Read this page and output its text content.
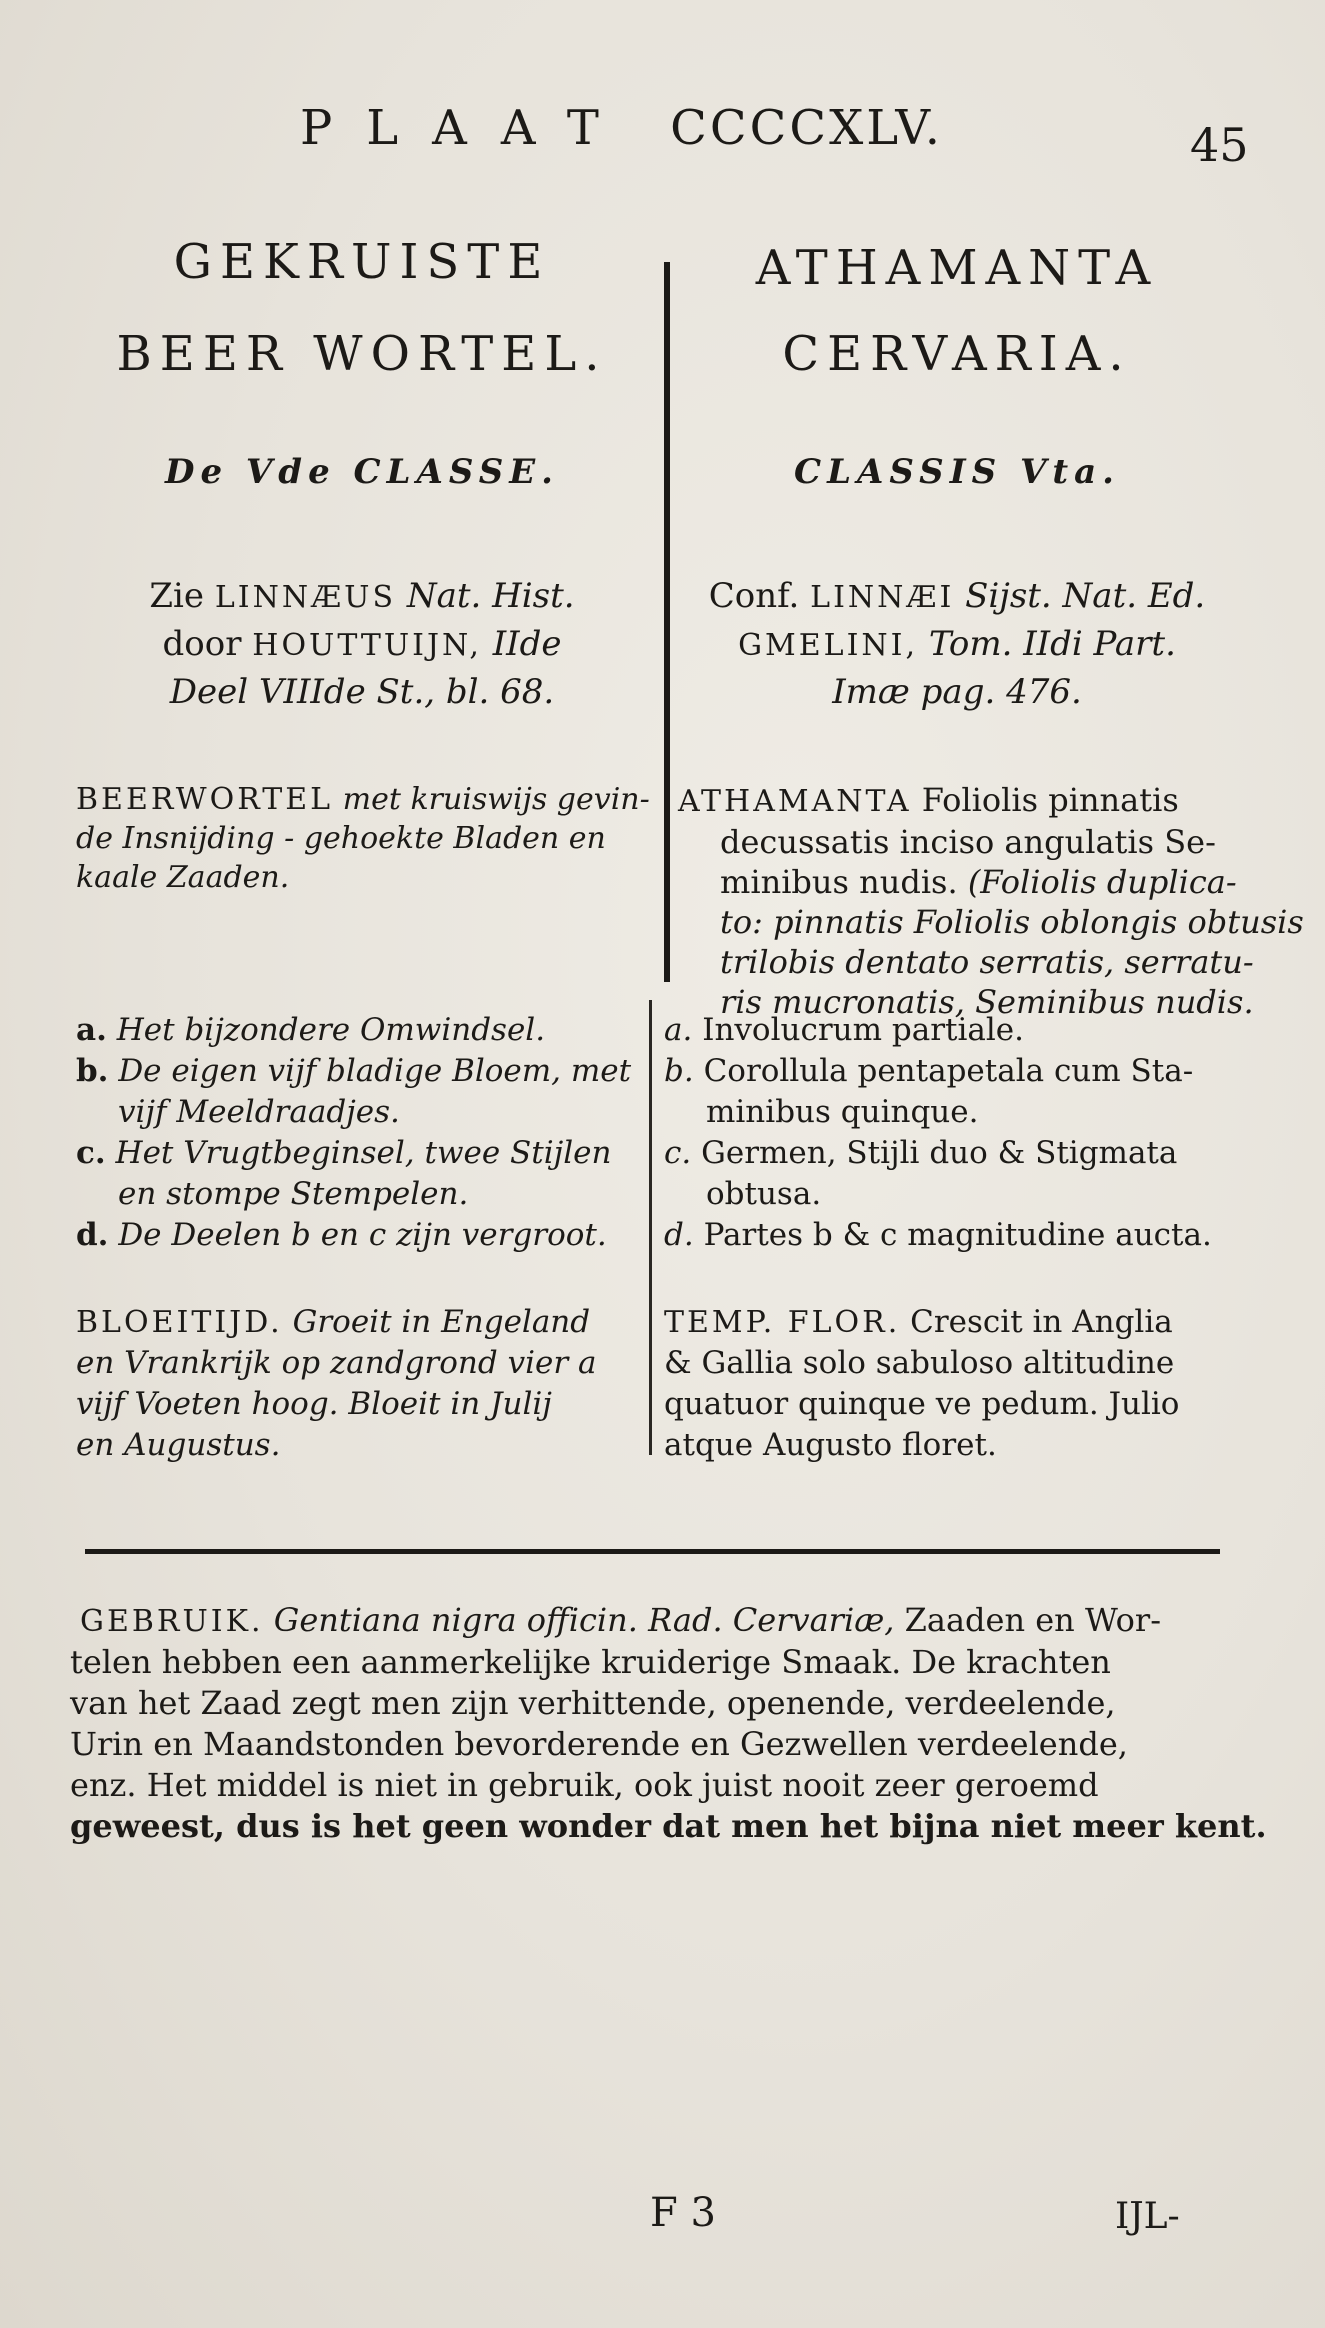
PLAAT CCCCXLV.	45
GEKRUISTE
BEER WORTEL.
De Vde CLASSE.
Zie LINNÆUS Nat. Hist.
door HOUTTUIJN, IIde
Deel VIIIde St., bl. 68.
BEERWORTEL met kruiswijs gevin-
de Insnijding - gehoekte Bladen en
kaale Zaaden.
a. Het bijzondere Omwindsel.
b. De eigen vijf bladige Bloem, met
vijf Meeldraadjes.
c. Het Vrugtbeginsel, twee Stijlen
en stompe Stempelen.
d. De Deelen b en c zijn vergroot.
BLOEITIJD. Groeit in Engeland
en Vrankrijk op zandgrond vier a
vijf Voeten hoog. Bloeit in Julij
en Augustus.
ATHAMANTA
CERVARIA.
CLASSIS Vta.
Conf. LINNÆI Sijst. Nat. Ed.
GMELINI, Tom. IIdi Part.
Imæ pag. 476.
ATHAMANTA Foliolis pinnatis
decussatis inciso angulatis Se-
minibus nudis. (Foliolis duplica-
to: pinnatis Foliolis oblongis obtusis
trilobis dentato serratis, serratu-
ris mucronatis, Seminibus nudis.
a. Involucrum partiale.
b. Corollula pentapetala cum Sta-
minibus quinque.
c. Germen, Stijli duo & Stigmata
obtusa.
d. Partes b & c magnitudine aucta.
TEMP. FLOR. Crescit in Anglia
& Gallia solo sabuloso altitudine
quatuor quinque ve pedum. Julio
atque Augusto floret.
GEBRUIK. Gentiana nigra officin. Rad. Cervariæ, Zaaden en Wor-
telen hebben een aanmerkelijke kruiderige Smaak. De krachten
van het Zaad zegt men zijn verhittende, openende, verdeelende,
Urin en Maandstonden bevorderende en Gezwellen verdeelende,
enz. Het middel is niet in gebruik, ook juist nooit zeer geroemd
geweest, dus is het geen wonder dat men het bijna niet meer kent.
F 3	IJL-
